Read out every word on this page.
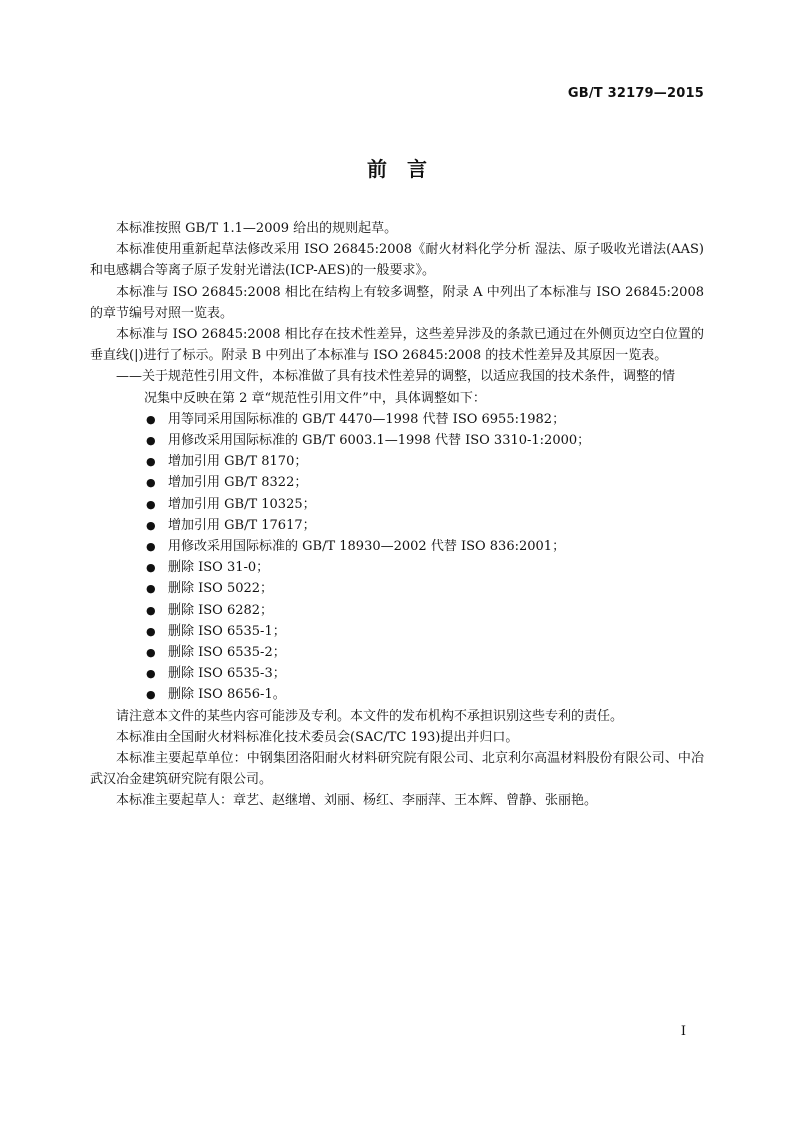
GB/T 32179—2015
前言
本标准按照 GB/T 1.1—2009 给出的规则起草。
本标准使用重新起草法修改采用 ISO 26845:2008《耐火材料化学分析 湿法、原子吸收光谱法(AAS)和电感耦合等离子原子发射光谱法(ICP-AES)的一般要求》。
本标准与 ISO 26845:2008 相比在结构上有较多调整，附录 A 中列出了本标准与 ISO 26845:2008 的章节编号对照一览表。
本标准与 ISO 26845:2008 相比存在技术性差异，这些差异涉及的条款已通过在外侧页边空白位置的垂直线(|)进行了标示。附录 B 中列出了本标准与 ISO 26845:2008 的技术性差异及其原因一览表。
——关于规范性引用文件，本标准做了具有技术性差异的调整，以适应我国的技术条件，调整的情
况集中反映在第 2 章“规范性引用文件”中，具体调整如下：
● 用等同采用国际标准的 GB/T 4470—1998 代替 ISO 6955:1982；
● 用修改采用国际标准的 GB/T 6003.1—1998 代替 ISO 3310-1:2000；
● 增加引用 GB/T 8170；
● 增加引用 GB/T 8322；
● 增加引用 GB/T 10325；
● 增加引用 GB/T 17617；
● 用修改采用国际标准的 GB/T 18930—2002 代替 ISO 836:2001；
● 删除 ISO 31-0；
● 删除 ISO 5022；
● 删除 ISO 6282；
● 删除 ISO 6535-1；
● 删除 ISO 6535-2；
● 删除 ISO 6535-3；
● 删除 ISO 8656-1。
请注意本文件的某些内容可能涉及专利。本文件的发布机构不承担识别这些专利的责任。
本标准由全国耐火材料标准化技术委员会(SAC/TC 193)提出并归口。
本标准主要起草单位：中钢集团洛阳耐火材料研究院有限公司、北京利尔高温材料股份有限公司、中冶武汉冶金建筑研究院有限公司。
本标准主要起草人：章艺、赵继增、刘丽、杨红、李丽萍、王本辉、曾静、张丽艳。
I
